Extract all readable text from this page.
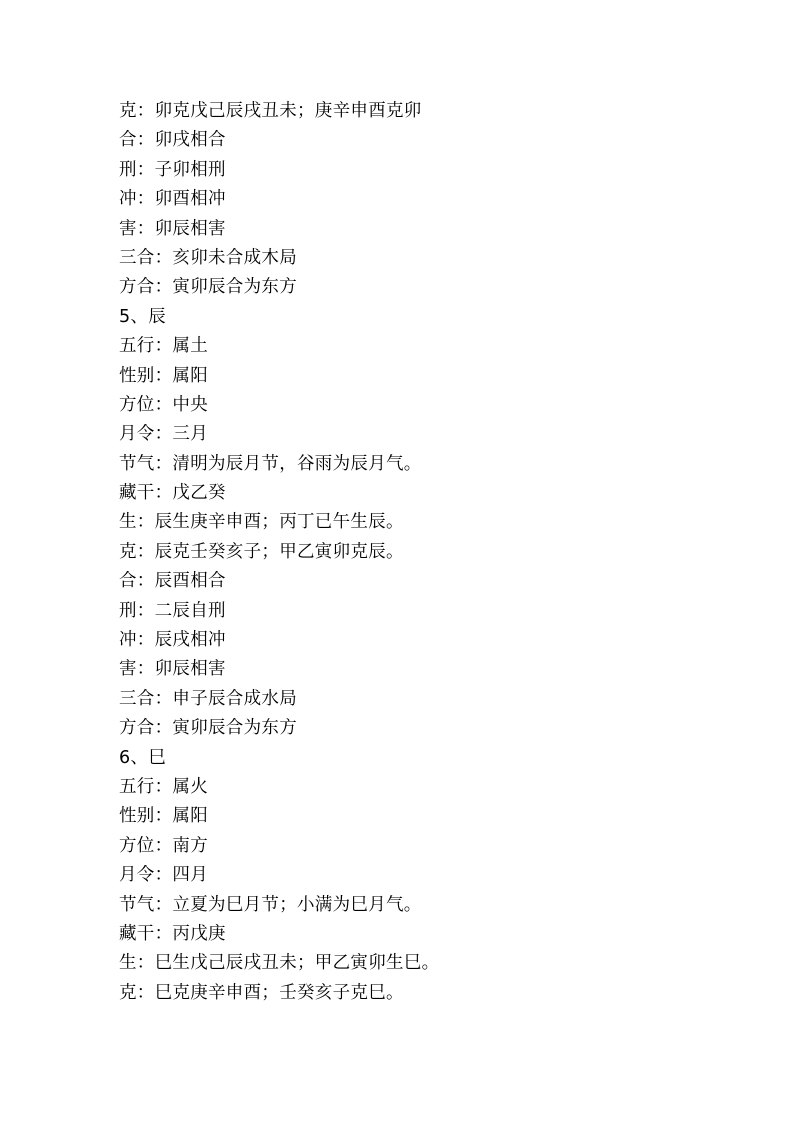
克：卯克戊己辰戌丑未；庚辛申酉克卯
合：卯戌相合
刑：子卯相刑
冲：卯酉相冲
害：卯辰相害
三合：亥卯未合成木局
方合：寅卯辰合为东方
5、辰
五行：属土
性别：属阳
方位：中央
月令：三月
节气：清明为辰月节，谷雨为辰月气。
藏干：戊乙癸
生：辰生庚辛申酉；丙丁已午生辰。
克：辰克壬癸亥子；甲乙寅卯克辰。
合：辰酉相合
刑：二辰自刑
冲：辰戌相冲
害：卯辰相害
三合：申子辰合成水局
方合：寅卯辰合为东方
6、巳
五行：属火
性别：属阳
方位：南方
月令：四月
节气：立夏为巳月节；小满为巳月气。
藏干：丙戊庚
生：巳生戊己辰戌丑未；甲乙寅卯生巳。
克：巳克庚辛申酉；壬癸亥子克巳。
